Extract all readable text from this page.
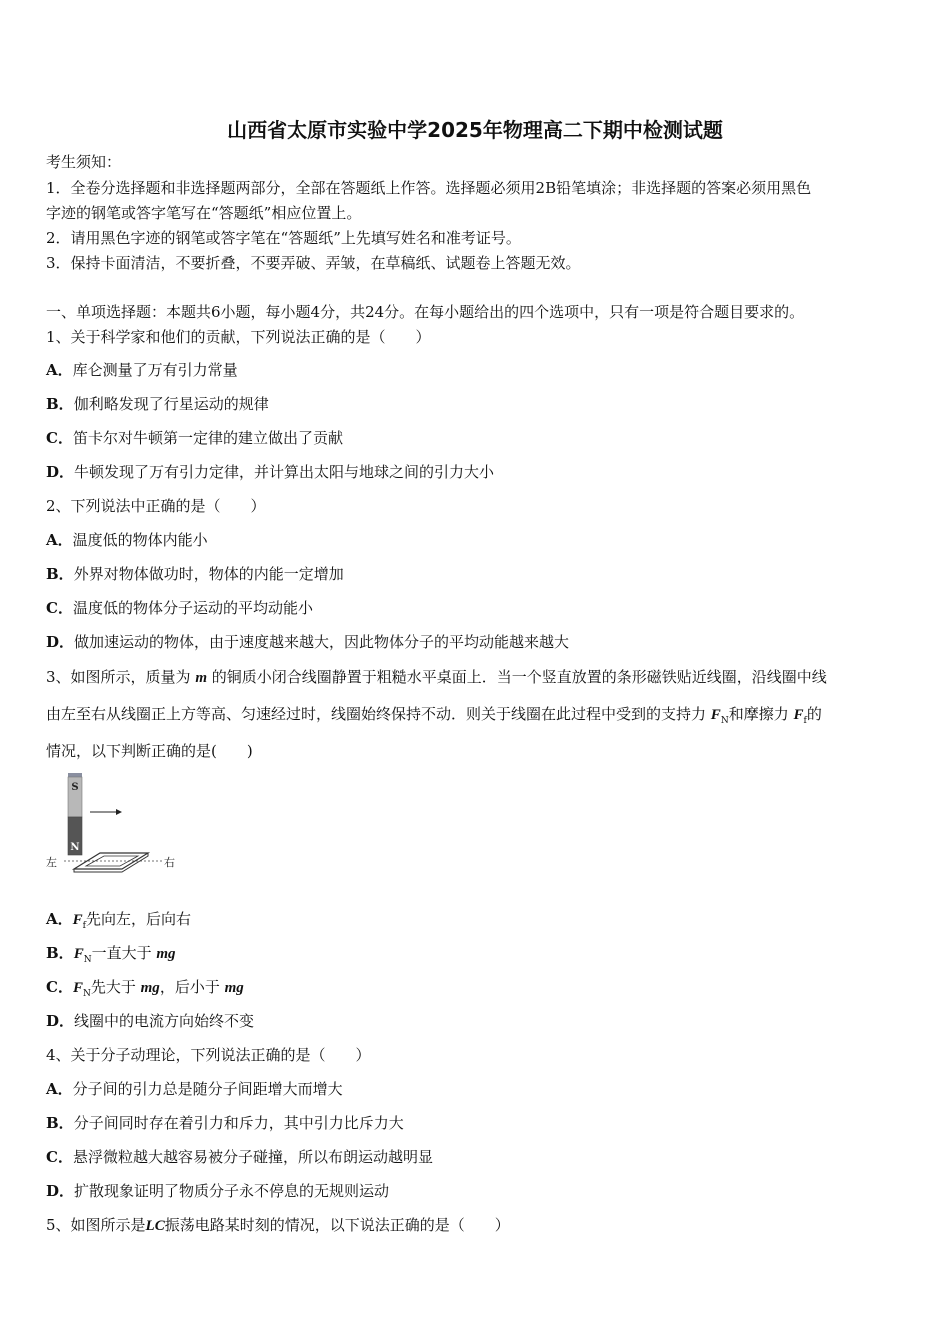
山西省太原市实验中学2025年物理高二下期中检测试题
考生须知：
1．全卷分选择题和非选择题两部分，全部在答题纸上作答。选择题必须用2B铅笔填涂；非选择题的答案必须用黑色
字迹的钢笔或答字笔写在“答题纸”相应位置上。
2．请用黑色字迹的钢笔或答字笔在“答题纸”上先填写姓名和准考证号。
3．保持卡面清洁，不要折叠，不要弄破、弄皱，在草稿纸、试题卷上答题无效。
一、单项选择题：本题共6小题，每小题4分，共24分。在每小题给出的四个选项中，只有一项是符合题目要求的。
1、关于科学家和他们的贡献，下列说法正确的是（　　）
A．库仑测量了万有引力常量
B．伽利略发现了行星运动的规律
C．笛卡尔对牛顿第一定律的建立做出了贡献
D．牛顿发现了万有引力定律，并计算出太阳与地球之间的引力大小
2、下列说法中正确的是（　　）
A．温度低的物体内能小
B．外界对物体做功时，物体的内能一定增加
C．温度低的物体分子运动的平均动能小
D．做加速运动的物体，由于速度越来越大，因此物体分子的平均动能越来越大
3、如图所示，质量为 m 的铜质小闭合线圈静置于粗糙水平桌面上．当一个竖直放置的条形磁铁贴近线圈，沿线圈中线
由左至右从线圈正上方等高、匀速经过时，线圈始终保持不动．则关于线圈在此过程中受到的支持力 $F_N$和摩擦力 $F_f$的
情况，以下判断正确的是(　　)
S
N
左	右
A．$F_f$先向左，后向右
B．$F_N$一直大于 mg
C．$F_N$先大于 mg，后小于 mg
D．线圈中的电流方向始终不变
4、关于分子动理论，下列说法正确的是（　　）
A．分子间的引力总是随分子间距增大而增大
B．分子间同时存在着引力和斥力，其中引力比斥力大
C．悬浮微粒越大越容易被分子碰撞，所以布朗运动越明显
D．扩散现象证明了物质分子永不停息的无规则运动
5、如图所示是LC振荡电路某时刻的情况，以下说法正确的是（　　）
